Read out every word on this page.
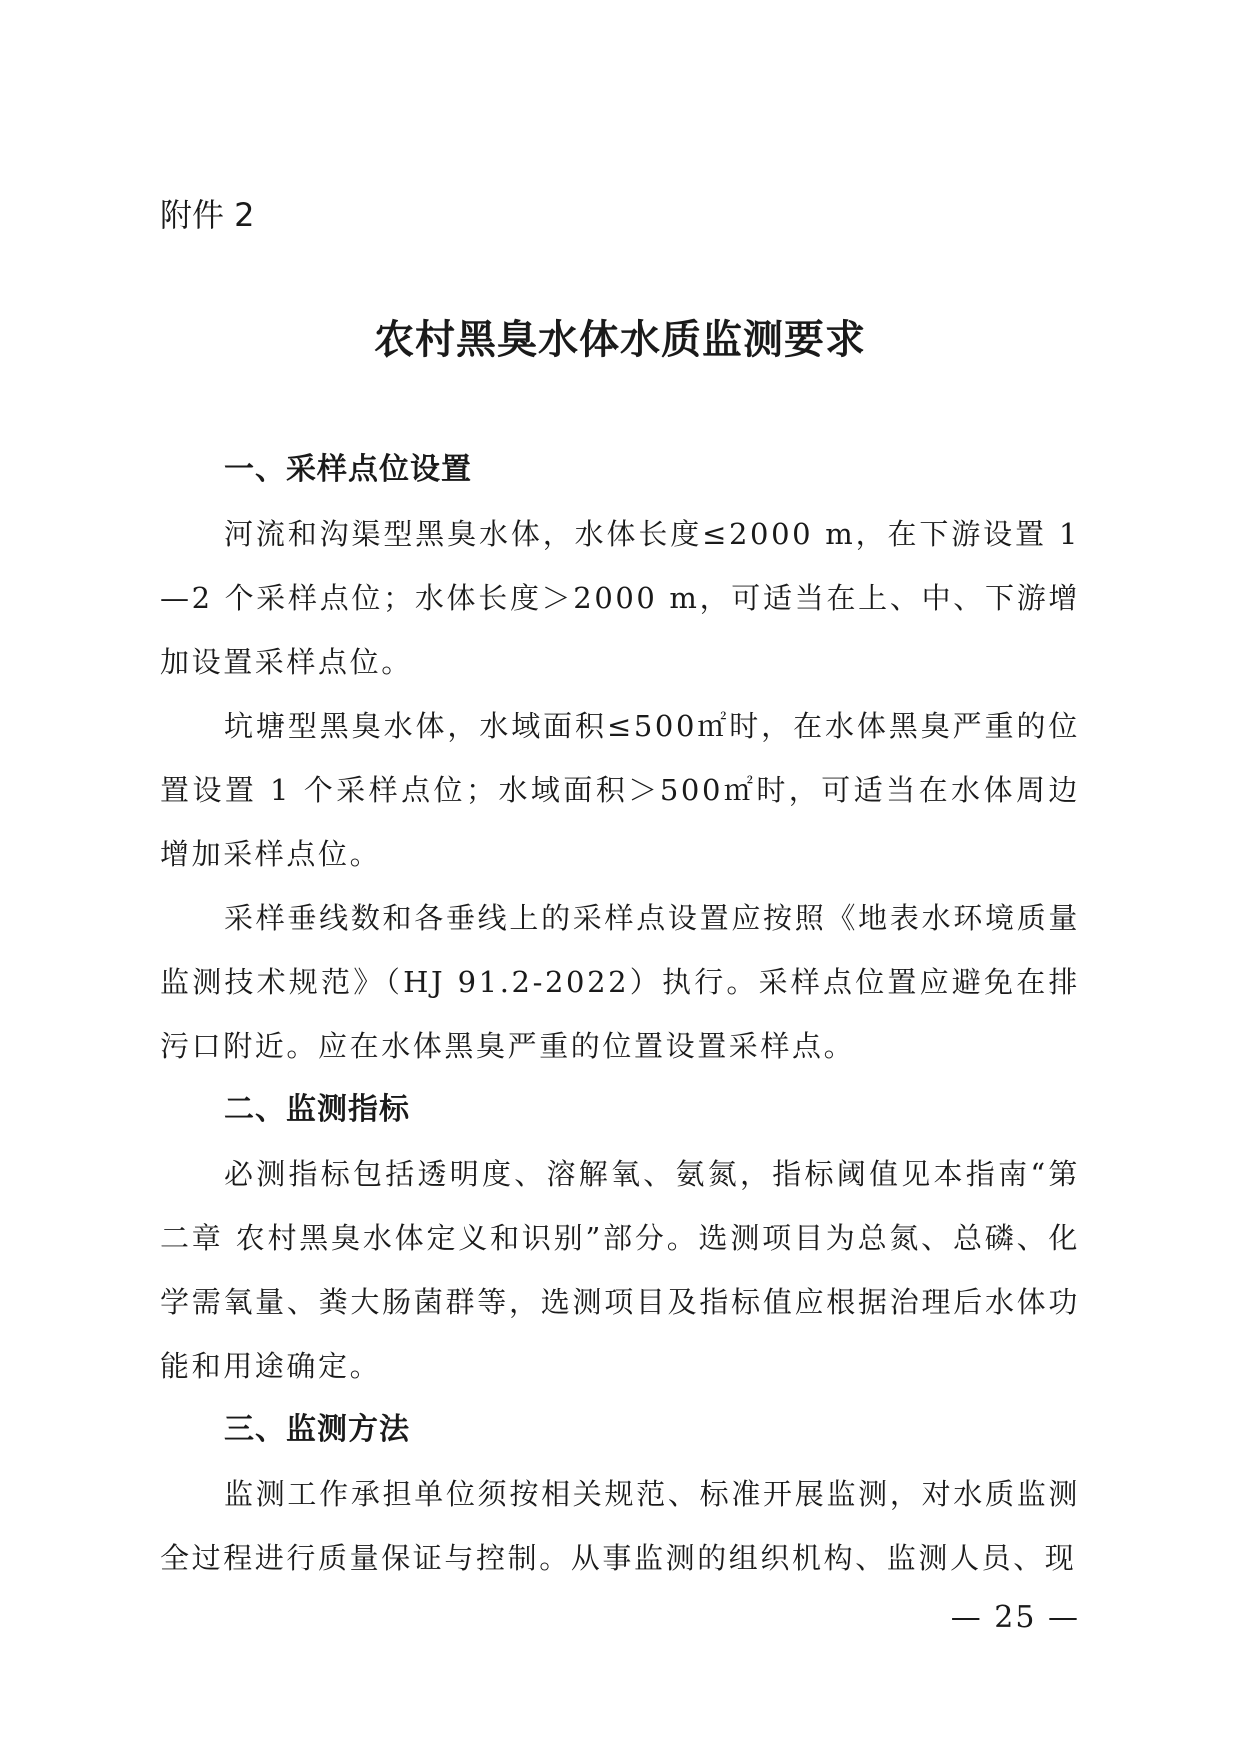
附件 2
农村黑臭水体水质监测要求
一、采样点位设置

河流和沟渠型黑臭水体，水体长度≤2000 m，在下游设置 1—2 个采样点位；水体长度＞2000 m，可适当在上、中、下游增加设置采样点位。

坑塘型黑臭水体，水域面积≤500㎡时，在水体黑臭严重的位置设置 1 个采样点位；水域面积＞500㎡时，可适当在水体周边增加采样点位。

采样垂线数和各垂线上的采样点设置应按照《地表水环境质量监测技术规范》（HJ 91.2-2022）执行。采样点位置应避免在排污口附近。应在水体黑臭严重的位置设置采样点。

二、监测指标

必测指标包括透明度、溶解氧、氨氮，指标阈值见本指南“第二章 农村黑臭水体定义和识别”部分。选测项目为总氮、总磷、化学需氧量、粪大肠菌群等，选测项目及指标值应根据治理后水体功能和用途确定。

三、监测方法

监测工作承担单位须按相关规范、标准开展监测，对水质监测全过程进行质量保证与控制。从事监测的组织机构、监测人员、现

— 25 —
